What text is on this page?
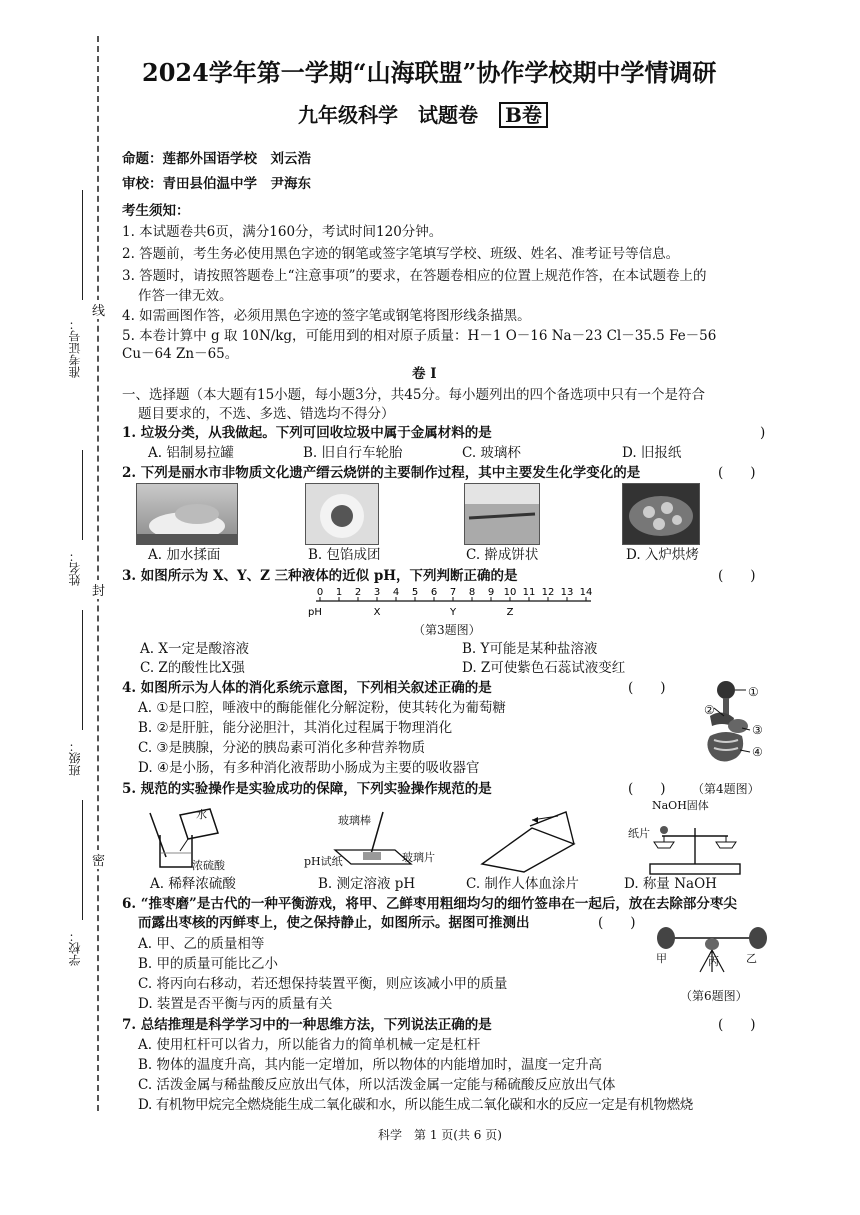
准考证号：
姓名：
班级：
学校：
线
封
密
2024学年第一学期“山海联盟”协作学校期中学情调研
九年级科学　试题卷 B卷
命题：莲都外国语学校　刘云浩
审校：青田县伯温中学　尹海东
考生须知：
1. 本试题卷共6页，满分160分，考试时间120分钟。
2. 答题前，考生务必使用黑色字迹的钢笔或签字笔填写学校、班级、姓名、准考证号等信息。
3. 答题时，请按照答题卷上“注意事项”的要求，在答题卷相应的位置上规范作答，在本试题卷上的
作答一律无效。
4. 如需画图作答，必须用黑色字迹的签字笔或钢笔将图形线条描黑。
5. 本卷计算中 g 取 10N/kg，可能用到的相对原子质量：H－1 O－16 Na－23 Cl－35.5 Fe－56
Cu－64 Zn－65。
卷 Ⅰ
一、选择题（本大题有15小题，每小题3分，共45分。每小题列出的四个备选项中只有一个是符合
题目要求的，不选、多选、错选均不得分）
1. 垃圾分类，从我做起。下列可回收垃圾中属于金属材料的是	)
A. 铝制易拉罐	B. 旧自行车轮胎	C. 玻璃杯	D. 旧报纸
2. 下列是丽水市非物质文化遗产缙云烧饼的主要制作过程，其中主要发生化学变化的是	(　　)
A. 加水揉面	B. 包馅成团	C. 擀成饼状	D. 入炉烘烤
3. 如图所示为 X、Y、Z 三种液体的近似 pH，下列判断正确的是	(　　)
0 1 2 3 4 5 6 7 8 9 10 11 12 13 14
pH	X	Y	Z
（第3题图）
A. X一定是酸溶液	B. Y可能是某种盐溶液
C. Z的酸性比X强	D. Z可使紫色石蕊试液变红
4. 如图所示为人体的消化系统示意图，下列相关叙述正确的是	(　　)
A. ①是口腔，唾液中的酶能催化分解淀粉，使其转化为葡萄糖
B. ②是肝脏，能分泌胆汁，其消化过程属于物理消化
C. ③是胰腺，分泌的胰岛素可消化多种营养物质
D. ④是小肠，有多种消化液帮助小肠成为主要的吸收器官
①
②
③
④
5. 规范的实验操作是实验成功的保障，下列实验操作规范的是	(　　) （第4题图）
水
浓硫酸
玻璃棒
pH试纸	玻璃片
NaOH固体
纸片
A. 稀释浓硫酸	B. 测定溶液 pH	C. 制作人体血涂片	D. 称量 NaOH
6. “推枣磨”是古代的一种平衡游戏，将甲、乙鲜枣用粗细均匀的细竹签串在一起后，放在去除部分枣尖
而露出枣核的丙鲜枣上，使之保持静止，如图所示。据图可推测出	(　　)
A. 甲、乙的质量相等
B. 甲的质量可能比乙小
C. 将丙向右移动，若还想保持装置平衡，则应该减小甲的质量
D. 装置是否平衡与丙的质量有关
甲	丙 乙
（第6题图）
7. 总结推理是科学学习中的一种思维方法，下列说法正确的是	(　　)
A. 使用杠杆可以省力，所以能省力的简单机械一定是杠杆
B. 物体的温度升高，其内能一定增加，所以物体的内能增加时，温度一定升高
C. 活泼金属与稀盐酸反应放出气体，所以活泼金属一定能与稀硫酸反应放出气体
D. 有机物甲烷完全燃烧能生成二氧化碳和水，所以能生成二氧化碳和水的反应一定是有机物燃烧
科学　第 1 页(共 6 页)
